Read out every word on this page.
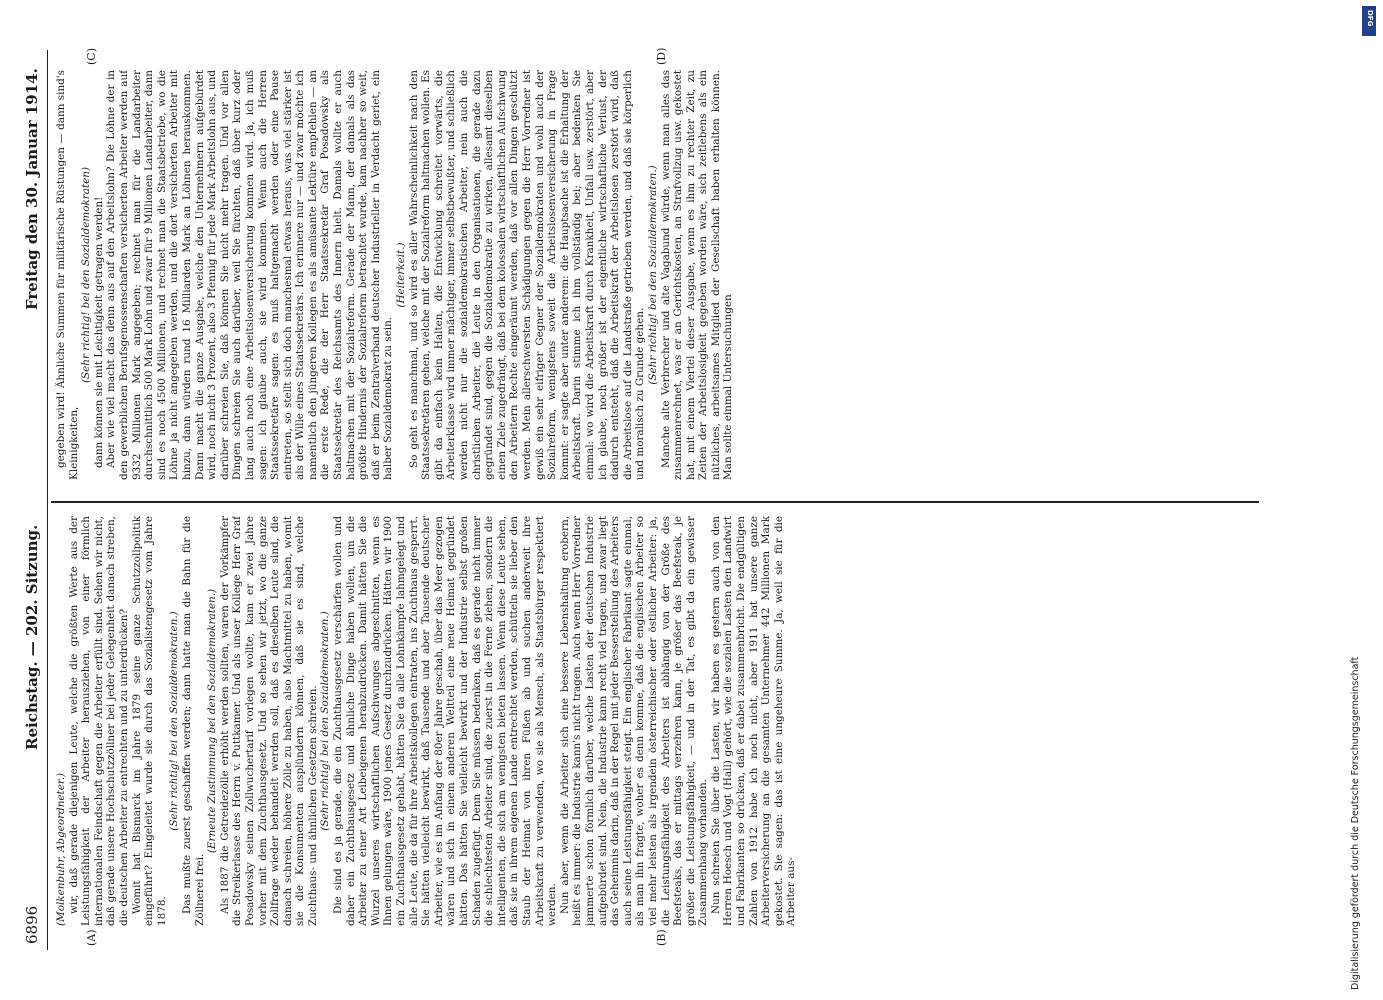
6896
Reichstag. — 202. Sitzung.
Freitag den 30. Januar 1914.
(A)	(B)
(C)	(D)

(Molkenbuhr, Abgeordneter.) wir, daß gerade diejenigen Leute, welche die größten Werte aus der Leistungsfähigkeit der Arbeiter herausziehen, von einer förmlich internationalen Feindschaft gegen die Arbeiter erfüllt sind. Sehen wir nicht, daß gerade unsere Hochschutzzöllner bei jeder Gelegenheit danach streben, die deutschen Arbeiter zu entrechten und zu unterdrücken? Womit hat Bismarck im Jahre 1879 seine ganze Schutzzollpolitik eingeführt? Eingeleitet wurde sie durch das Sozialistengesetz vom Jahre 1878.

(Sehr richtig! bei den Sozialdemokraten.) Das mußte zuerst geschaffen werden; dann hatte man die Bahn für die Zöllnerei frei.

(Erneute Zustimmung bei den Sozialdemokraten.) Als 1887 die Getreidezölle erhöht werden sollten, waren der Vorkämpfer die Streikerlasse des Herrn v. Puttkamer. Und als unser Kollege Herr Graf Posadowsky seinen Zollwuchertarif vorlegen wollte, kam er zwei Jahre vorher mit dem Zuchthausgesetz. Und so sehen wir jetzt, wo die ganze Zollfrage wieder behandelt werden soll, daß es dieselben Leute sind, die danach schreien, höhere Zölle zu haben, also Machtmittel zu haben, womit sie die Konsumenten ausplündern können, daß sie es sind, welche Zuchthaus- und ähnlichen Gesetzen schreien. (Sehr richtig! bei den Sozialdemokraten.) Die sind es ja gerade, die ein Zuchthausgesetz verschärfen wollen und daher ein Zuchthausgesetz und ähnliche Dinge haben wollen, um die Arbeiter zu einer Art Leibeigenen herabzudrücken. Damit hätten Sie die Wurzel unseres wirtschaftlichen Aufschwunges abgeschnitten, wenn es Ihnen gelungen wäre, 1900 jenes Gesetz durchzudrücken. Hätten wir 1900 ein Zuchthausgesetz gehabt, hätten Sie da alle Lohnkämpfe lahmgelegt und alle Leute, die da für ihre Arbeitskollegen eintraten, ins Zuchthaus gesperrt. Sie hätten vielleicht bewirkt, daß Tausende und aber Tausende deutscher Arbeiter, wie es im Anfang der 80er Jahre geschah, über das Meer gezogen wären und sich in einem anderen Weltteil eine neue Heimat gegründet hätten. Das hätten Sie vielleicht bewirkt und der Industrie selbst großen Schaden zugefügt. Denn Sie müssen bedenken, daß es gerade nicht immer die schlechtesten Arbeiter sind, die zuerst in die Ferne ziehen, sondern die intelligenten, die sich am wenigsten bieten lassen. Wenn diese Leute sehen, daß sie in ihrem eigenen Lande entrechtet werden, schütteln sie lieber den Staub der Heimat von ihren Füßen ab und suchen anderweit ihre Arbeitskraft zu verwenden, wo sie als Mensch, als Staatsbürger respektiert werden. Nun aber, wenn die Arbeiter sich eine bessere Lebenshaltung erobern, heißt es immer: die Industrie kann's nicht tragen. Auch wenn Herr Vorredner jammerte schon förmlich darüber, welche Lasten der deutschen Industrie aufgebürdet sind. Nein, die Industrie kann recht viel tragen, und zwar liegt das Geheimnis darin, daß in der Regel mit jeder Besserstellung des Arbeiters auch seine Leistungsfähigkeit steigt. Ein englischer Fabrikant sagte einmal, als man ihn fragte, woher es denn komme, daß die englischen Arbeiter so viel mehr leisten als irgendein österreichischer oder östlicher Arbeiter: ja, die Leistungsfähigkeit des Arbeiters ist abhängig von der Größe des Beefsteaks, das er mittags verzehren kann, je größer das Beefsteak, je größer die Leistungsfähigkeit, — und in der Tat, es gibt da ein gewisser Zusammenhang vorhanden. Nun schreien Sie über die Lasten, wir haben es gestern auch von den Herren Hoesch und Vogt (Hall) gehört, wie die sozialen Lasten den Landwirt und Fabrikanten so drücken, daß er dabei zusammenbricht. Die endgültigen Zahlen von 1912 habe ich noch nicht, aber 1911 hat unsere ganze Arbeiterversicherung an die gesamten Unternehmer 442 Millionen Mark gekostet. Sie sagen: das ist eine ungeheure Summe. Ja, weil sie für die Arbeiter aus-

gegeben wird! Ähnliche Summen für militärische Rüstungen — dann sind's Kleinigkeiten,

(Sehr richtig! bei den Sozialdemokraten) dann können sie mit Leichtigkeit getragen werden! Aber wie viel macht das denn aus auf den Arbeitslohn? Die Löhne der in den gewerblichen Berufsgenossenschaften versicherten Arbeiter werden auf 9332 Millionen Mark angegeben; rechnet man für die Landarbeiter durchschnittlich 500 Mark Lohn und zwar für 9 Millionen Landarbeiter, dann sind es noch 4500 Millionen, und rechnet man die Staatsbetriebe, wo die Löhne ja nicht angegeben werden, und die dort versicherten Arbeiter mit hinzu, dann würden rund 16 Milliarden Mark an Löhnen herauskommen. Dann macht die ganze Ausgabe, welche den Unternehmern aufgebürdet wird, noch nicht 3 Prozent, also 3 Pfennig für jede Mark Arbeitslohn aus, und darüber schreien Sie, daß können Sie nicht mehr tragen. Und vor allen Dingen schreien Sie auch darüber, weil Sie fürchten, daß über kurz oder lang auch noch eine Arbeitslosenversicherung kommen wird. Ja, ich muß sagen: ich glaube auch, sie wird kommen. Wenn auch die Herren Staatssekretäre sagen: es muß haltgemacht werden oder eine Pause eintreten, so stellt sich doch manchesmal etwas heraus, was viel stärker ist als der Wille eines Staatssekretärs. Ich erinnere nur — und zwar möchte ich namentlich den jüngeren Kollegen es als amüsante Lektüre empfehlen — an die erste Rede, die der Herr Staatssekretär Graf Posadowsky als Staatssekretär des Reichsamts des Innern hielt. Damals wollte er auch haltmachen mit der Sozialreform. Gerade der Mann, der damals als das größte Hindernis der Sozialreform betrachtet wurde, kam nachher so weit, daß er beim Zentralverband deutscher Industrieller in Verdacht geriet, ein halber Sozialdemokrat zu sein.

(Heiterkeit.) So geht es manchmal, und so wird es aller Wahrscheinlichkeit nach den Staatssekretären gehen, welche mit der Sozialreform haltmachen wollen. Es gibt da einfach kein Halten, die Entwicklung schreitet vorwärts, die Arbeiterklasse wird immer mächtiger, immer selbstbewußter, und schließlich werden nicht nur die sozialdemokratischen Arbeiter, nein auch die christlichen Arbeiter, die Leute in den Organisationen, die gerade dazu gegründet sind, gegen die Sozialdemokratie zu wirken, allesamt dieselben einen Ziele zugedrängt, daß bei dem kolossalen wirtschaftlichen Aufschwung den Arbeitern Rechte eingeräumt werden, daß vor allen Dingen geschützt werden. Mein allerschwersten Schädigungen gegen die Herr Vorredner ist gewiß ein sehr eifriger Gegner der Sozialdemokraten und wohl auch der Sozialreform, wenigstens soweit die Arbeitslosenversicherung in Frage kommt: er sagte aber unter anderem: die Hauptsache ist die Erhaltung der Arbeitskraft. Darin stimme ich ihm vollständig bei; aber bedenken Sie einmal: wo wird die Arbeitskraft durch Krankheit, Unfall usw. zerstört, aber ich glaube, noch größer ist der eigentliche wirtschaftliche Verlust, der dadurch entsteht, daß die Arbeitskraft der Arbeitslosen zerstört wird, daß die Arbeitslose auf die Landstraße getrieben werden, und daß sie körperlich und moralisch zu Grunde gehen.

(Sehr richtig! bei den Sozialdemokraten.) Manche alte Verbrecher und alte Vagabund würde, wenn man alles das zusammenrechnet, was er an Gerichtskosten, an Strafvollzug usw. gekostet hat, mit einem Viertel dieser Ausgabe, wenn es ihm zu rechter Zeit, zu Zeiten der Arbeitslosigkeit gegeben worden wäre, sich zeitlebens als ein nützliches, arbeitsames Mitglied der Gesellschaft haben erhalten können. Man sollte einmal Untersuchungen

Digitalisierung gefördert durch die Deutsche Forschungsgemeinschaft
DFG
